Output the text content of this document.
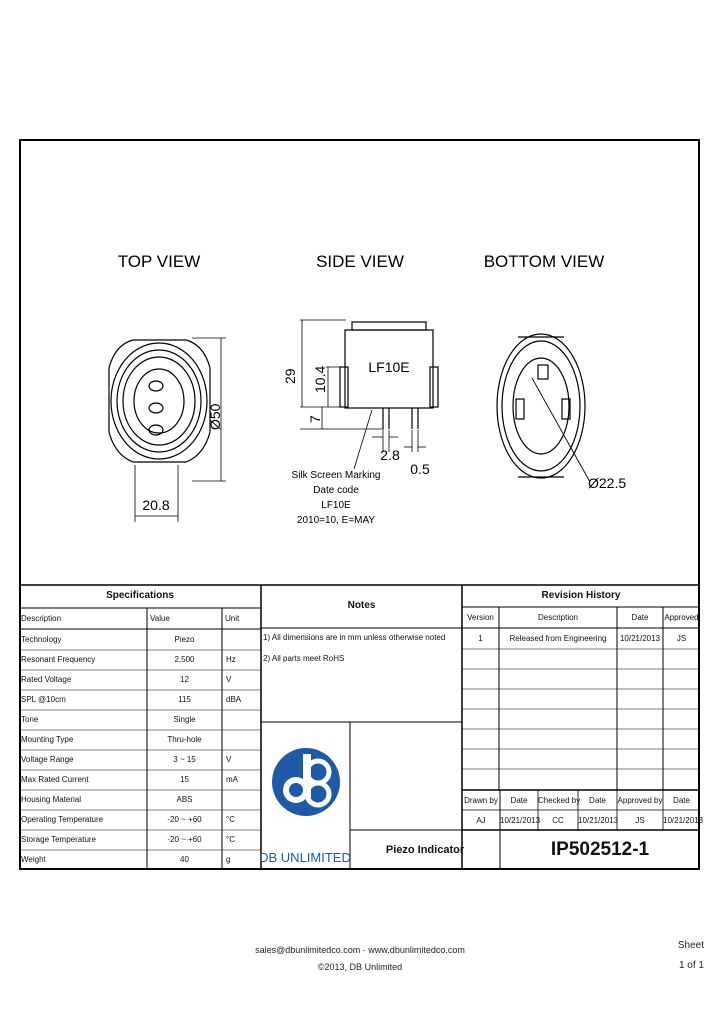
TOP VIEW	SIDE VIEW	BOTTOM VIEW
Ø50
20.8
LF10E
29 10.4
7
2.8
0.5
Silk Screen Marking
Date code
LF10E
2010=10, E=MAY
Ø22.5
DB UNLIMITED
Specifications
Description	Value	Unit
Technology	Piezo
Resonant Frequency	2,500	Hz
Rated Voltage	12	V
SPL @10cm	115	dBA
Tone	Single
Mounting Type	Thru-hole
Voltage Range	3 ~ 15	V
Max Rated Current	15	mA
Housing Material	ABS
Operating Temperature	-20 ~ +60	°C
Storage Temperature	-20 ~ +60	°C
Weight	40	g
Notes
1) All dimensions are in mm unless otherwise noted
2) All parts meet RoHS
Revision History
Version	Description	Date	Approved
1	Released from Engineering	10/21/2013	JS
Drawn by	Date	Checked by	Date	Approved by	Date
AJ	10/21/2013	CC	10/21/2013	JS	10/21/2013
Piezo Indicator	IP502512-1
sales@dbunlimitedco.com · www.dbunlimitedco.com
©2013, DB Unlimited
Sheet
1 of 1
